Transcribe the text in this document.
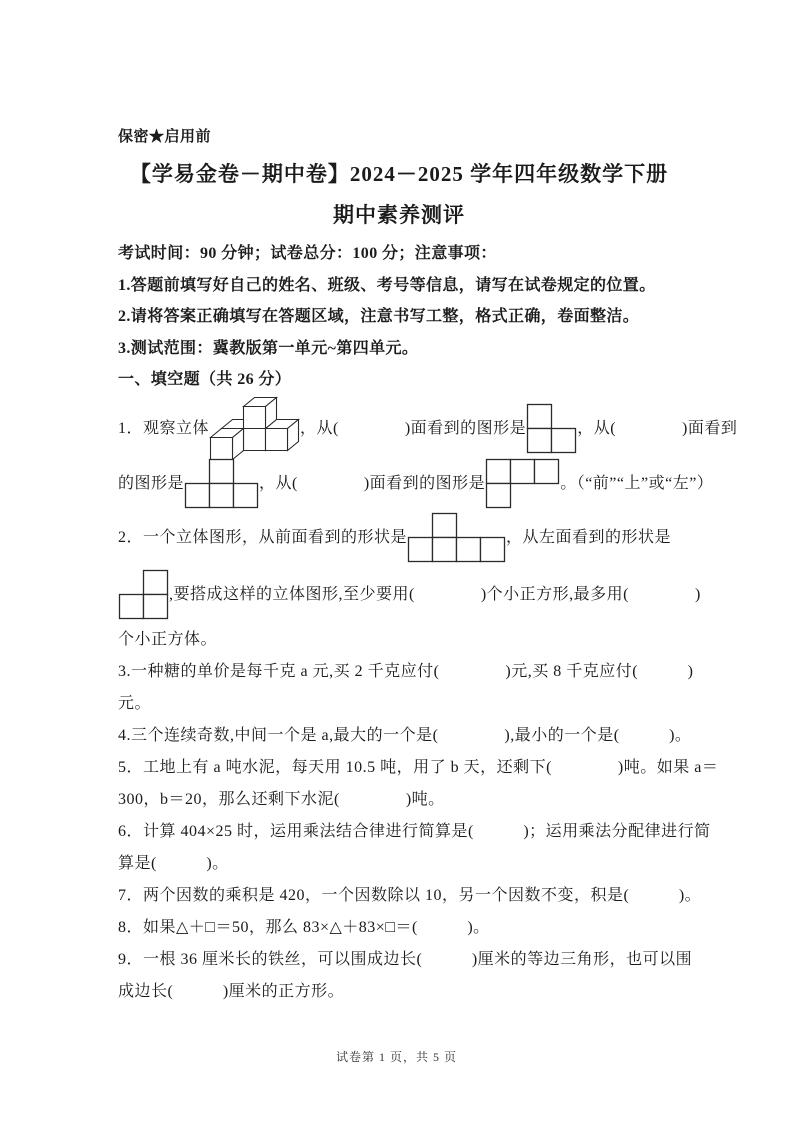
保密★启用前
【学易金卷－期中卷】2024－2025 学年四年级数学下册
期中素养测评
考试时间：90 分钟；试卷总分：100 分；注意事项：
1.答题前填写好自己的姓名、班级、考号等信息，请写在试卷规定的位置。
2.请将答案正确填写在答题区域，注意书写工整，格式正确，卷面整洁。
3.测试范围：冀教版第一单元~第四单元。
一、填空题（共 26 分）
1．观察立体	，从(　　　　)面看到的图形是	，从(　　　　)面看到
的图形是	，从(　　　　)面看到的图形是	。（“前”“上”或“左”）
2．一个立体图形，从前面看到的形状是	，从左面看到的形状是
,要搭成这样的立体图形,至少要用(　　　　)个小正方形,最多用(　　　　)
个小正方体。
3.一种糖的单价是每千克 a 元,买 2 千克应付(　　　　)元,买 8 千克应付(　　　)
元。
4.三个连续奇数,中间一个是 a,最大的一个是(　　　　),最小的一个是(　　　)。
5．工地上有 a 吨水泥，每天用 10.5 吨，用了 b 天，还剩下(　　　　)吨。如果 a＝
300，b＝20，那么还剩下水泥(　　　　)吨。
6．计算 404×25 时，运用乘法结合律进行简算是(　　　)；运用乘法分配律进行简
算是(　　　)。
7．两个因数的乘积是 420，一个因数除以 10，另一个因数不变，积是(　　　)。
8．如果△＋□＝50，那么 83×△＋83×□＝(　　　)。
9．一根 36 厘米长的铁丝，可以围成边长(　　　)厘米的等边三角形，也可以围
成边长(　　　)厘米的正方形。
试卷第 1 页，共 5 页
